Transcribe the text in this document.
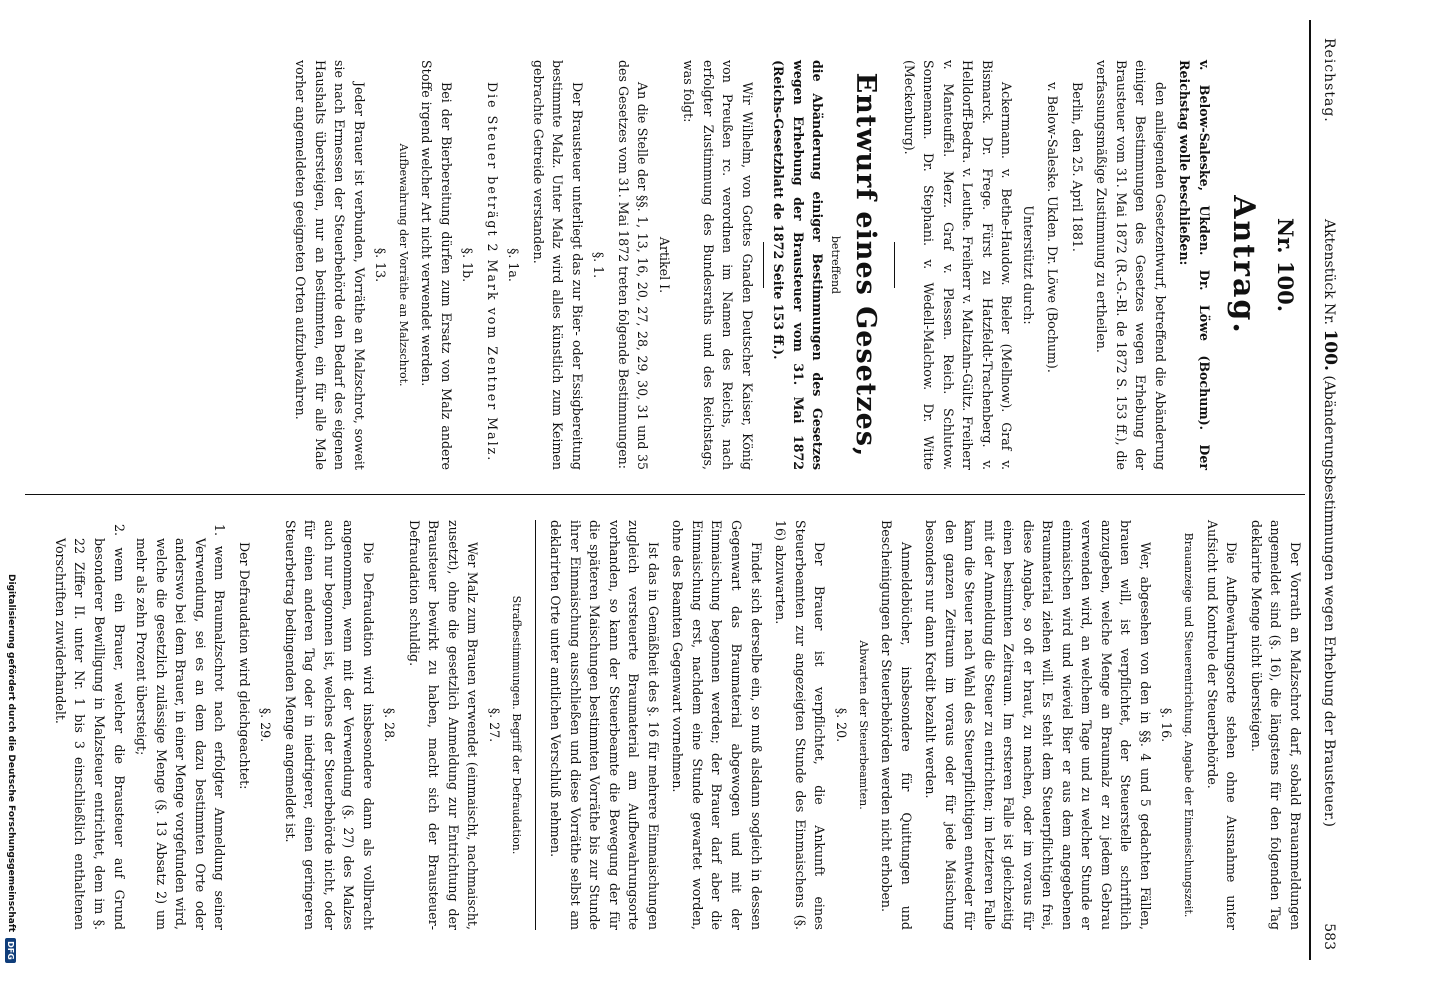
Reichstag.
Aktenstück Nr. 100. (Abänderungsbestimmungen wegen Erhebung der Brausteuer.)
583
Nr. 100.
Antrag.

v. Below-Saleske, Ukden. Dr. Löwe (Bochum). Der Reichstag wolle beschließen:

den anliegenden Gesetzentwurf, betreffend die Abänderung einiger Bestimmungen des Gesetzes wegen Erhebung der Brausteuer vom 31. Mai 1872 (R.-G.-Bl. de 1872 S. 153 ff.), die verfassungsmäßige Zustimmung zu ertheilen.

Berlin, den 25. April 1881.

v. Below-Saleske. Ukden. Dr. Löwe (Bochum).

Unterstützt durch:

Ackermann. v. Bethe-Haudow. Bieler (Mellnow). Graf v. Bismarck. Dr. Frege. Fürst zu Hatzfeldt-Trachenberg. v. Helldorff-Bedra. v. Leuthe. Freiherr v. Maltzahn-Gültz. Freiherr v. Manteuffel. Merz. Graf v. Plessen. Reich. Schlutow. Sonnemann. Dr. Stephani. v. Wedell-Malchow. Dr. Witte (Meckenburg).

Entwurf eines Gesetzes,
betreffend

die Abänderung einiger Bestimmungen des Gesetzes wegen Erhebung der Brausteuer vom 31. Mai 1872 (Reichs-Gesetzblatt de 1872 Seite 153 ff.).

Wir Wilhelm, von Gottes Gnaden Deutscher Kaiser, König von Preußen rc. verordnen im Namen des Reichs, nach erfolgter Zustimmung des Bundesraths und des Reichstags, was folgt:

Artikel I.

An die Stelle der §§. 1, 13, 16, 20, 27, 28, 29, 30, 31 und 35 des Gesetzes vom 31. Mai 1872 treten folgende Bestimmungen:

§. 1.

Der Brausteuer unterliegt das zur Bier- oder Essigbereitung bestimmte Malz. Unter Malz wird alles künstlich zum Keimen gebrachte Getreide verstanden.

§. 1a.

Die Steuer beträgt 2 Mark vom Zentner Malz.

§. 1b.

Bei der Bierbereitung dürfen zum Ersatz von Malz andere Stoffe irgend welcher Art nicht verwendet werden.

Aufbewahrung der Vorräthe an Malzschrot.
§. 13.

Jeder Brauer ist verbunden, Vorräthe an Malzschrot, soweit sie nach Ermessen der Steuerbehörde den Bedarf des eigenen Haushalts übersteigen, nur an bestimmten, ein für alle Male vorher angemeldeten geeigneten Orten aufzubewahren.

Der Vorrath an Malzschrot darf, sobald Brauanmeldungen angemeldet sind (§. 16), die längstens für den folgenden Tag deklarirte Menge nicht übersteigen.

Die Aufbewahrungsorte stehen ohne Ausnahme unter Aufsicht und Kontrole der Steuerbehörde.

Brauanzeige und Steuerentrichtung. Angabe der Einmeischungszeit.
§. 16.

Wer, abgesehen von den in §§. 4 und 5 gedachten Fällen, brauen will, ist verpflichtet, der Steuerstelle schriftlich anzugeben, welche Menge an Braumalz er zu jedem Gebrau verwenden wird, an welchem Tage und zu welcher Stunde er einmaischen wird und wieviel Bier er aus dem angegebenen Braumaterial ziehen will. Es steht dem Steuerpflichtigen frei, diese Angabe, so oft er braut, zu machen, oder im voraus für einen bestimmten Zeitraum. Im ersteren Falle ist gleichzeitig mit der Anmeldung die Steuer zu entrichten; im letzteren Falle kann die Steuer nach Wahl des Steuerpflichtigen entweder für den ganzen Zeitraum im voraus oder für jede Maischung besonders nur dann Kredit bezahlt werden.

Anmeldebücher, insbesondere für Quittungen und Bescheinigungen der Steuerbehörden werden nicht erhoben.

Abwarten der Steuerbeamten.
§. 20.

Der Brauer ist verpflichtet, die Ankunft eines Steuerbeamten zur angezeigten Stunde des Einmaischens (§. 16) abzuwarten.

Findet sich derselbe ein, so muß alsdann sogleich in dessen Gegenwart das Braumaterial abgewogen und mit der Einmaischung begonnen werden; der Brauer darf aber die Einmaischung erst, nachdem eine Stunde gewartet worden, ohne des Beamten Gegenwart vornehmen.

Ist das in Gemäßheit des §. 16 für mehrere Einmaischungen zugleich versteuerte Braumaterial am Aufbewahrungsorte vorhanden, so kann der Steuerbeamte die Bewegung der für die späteren Maischungen bestimmten Vorräthe bis zur Stunde ihrer Einmaischung ausschließen und diese Vorräthe selbst am deklarirten Orte unter amtlichen Verschluß nehmen.

Strafbestimmungen. Begriff der Defraudation.
§. 27.

Wer Malz zum Brauen verwendet (einmaischt, nachmaischt, zusetzt), ohne die gesetzlich Anmeldung zur Entrichtung der Brausteuer bewirkt zu haben, macht sich der Brausteuer-Defraudation schuldig.

§. 28.

Die Defraudation wird insbesondere dann als vollbracht angenommen, wenn mit der Verwendung (§. 27) des Malzes auch nur begonnen ist, welches der Steuerbehörde nicht, oder für einen anderen Tag oder in niedrigerer, einen geringeren Steuerbetrag bedingenden Menge angemeldet ist.

§. 29.

Der Defraudation wird gleichgeachtet:

1. wenn Braumalzschrot nach erfolgter Anmeldung seiner Verwendung, sei es an dem dazu bestimmten Orte oder anderswo bei dem Brauer, in einer Menge vorgefunden wird, welche die gesetzlich zulässige Menge (§. 13 Absatz 2) um mehr als zehn Prozent übersteigt;

2. wenn ein Brauer, welcher die Brausteuer auf Grund besonderer Bewilligung in Malzsteuer entrichtet, dem im §. 22 Ziffer II. unter Nr. 1 bis 3 einschließlich enthaltenen Vorschriften zuwiderhandelt.

Digitalisierung gefördert durch die Deutsche Forschungsgemeinschaft
DFG
